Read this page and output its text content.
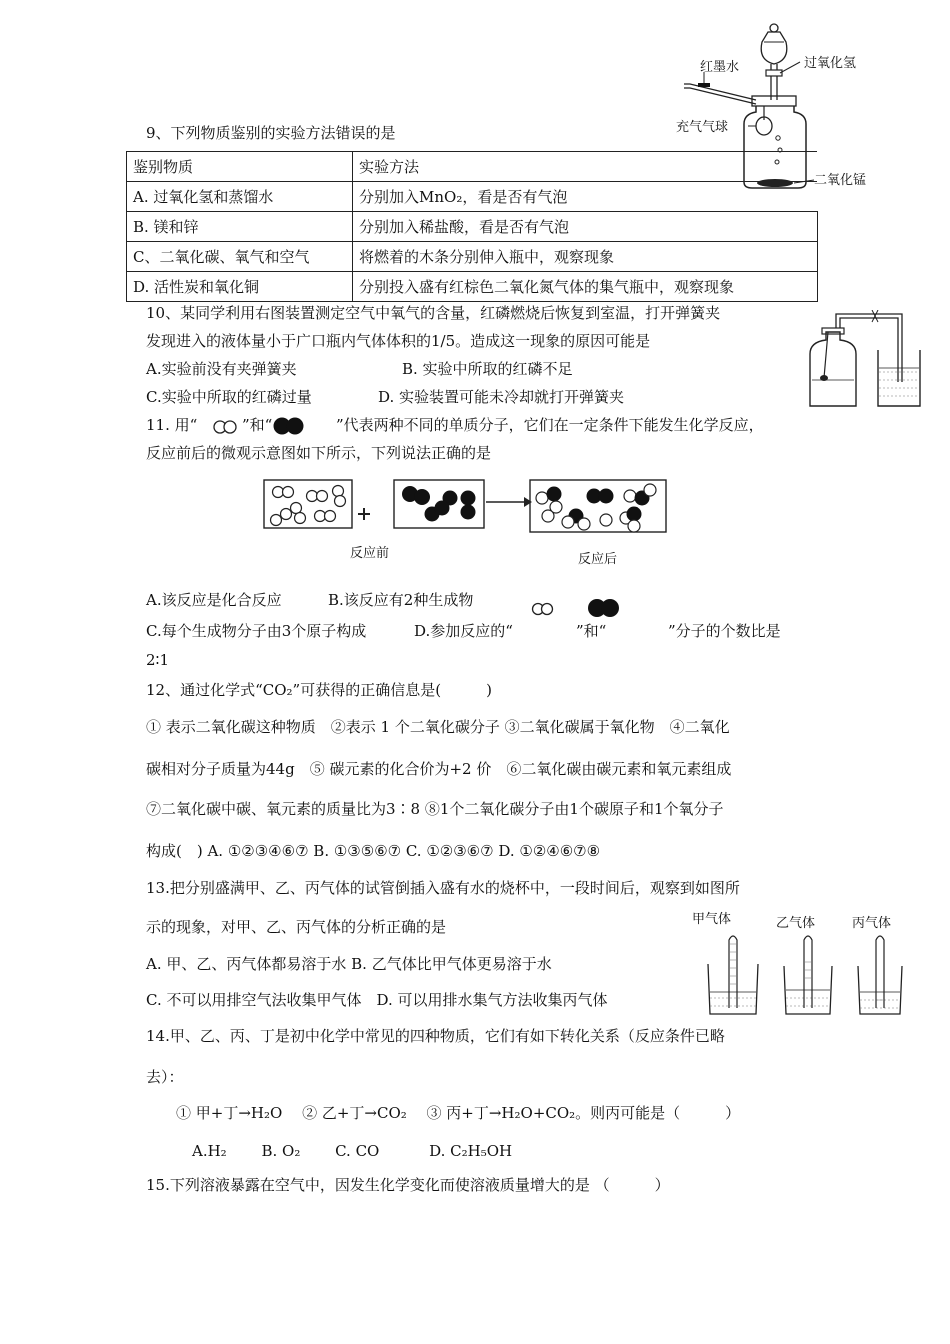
红墨水	过氧化氢
充气气球
二氧化锰
9、下列物质鉴别的实验方法错误的是
鉴别物质	实验方法
A. 过氧化氢和蒸馏水	分别加入MnO₂，看是否有气泡
B. 镁和锌	分别加入稀盐酸，看是否有气泡
C、二氧化碳、氧气和空气	将燃着的木条分别伸入瓶中，观察现象
D. 活性炭和氧化铜	分别投入盛有红棕色二氧化氮气体的集气瓶中，观察现象
10、某同学利用右图装置测定空气中氧气的含量，红磷燃烧后恢复到室温，打开弹簧夹
发现进入的液体量小于广口瓶内气体体积的1/5。造成这一现象的原因可能是
A.实验前没有夹弹簧夹	B. 实验中所取的红磷不足
C.实验中所取的红磷过量	D. 实验装置可能未冷却就打开弹簧夹
11. 用“	”和“	”代表两种不同的单质分子，它们在一定条件下能发生化学反应，
反应前后的微观示意图如下所示，下列说法正确的是
反应前	反应后
A.该反应是化合反应	B.该反应有2种生成物
C.每个生成物分子由3个原子构成	D.参加反应的“	”和“	”分子的个数比是
2∶1
12、通过化学式“CO₂”可获得的正确信息是(　　　)
① 表示二氧化碳这种物质　②表示 1 个二氧化碳分子 ③二氧化碳属于氧化物　④二氧化
碳相对分子质量为44g　⑤ 碳元素的化合价为+2 价　⑥二氧化碳由碳元素和氧元素组成
⑦二氧化碳中碳、氧元素的质量比为3∶8 ⑧1个二氧化碳分子由1个碳原子和1个氧分子
构成(　) A. ①②③④⑥⑦ B. ①③⑤⑥⑦ C. ①②③⑥⑦ D. ①②④⑥⑦⑧
13.把分别盛满甲、乙、丙气体的试管倒插入盛有水的烧杯中，一段时间后，观察到如图所
示的现象，对甲、乙、丙气体的分析正确的是
A. 甲、乙、丙气体都易溶于水 B. 乙气体比甲气体更易溶于水
C. 不可以用排空气法收集甲气体　D. 可以用排水集气方法收集丙气体
甲气体	乙气体	丙气体
14.甲、乙、丙、丁是初中化学中常见的四种物质，它们有如下转化关系（反应条件已略
去）：
① 甲+丁→H₂O　 ② 乙+丁→CO₂　 ③ 丙+丁→H₂O+CO₂。则丙可能是（　　　）
A.H₂　　 B. O₂　　 C. CO　　　 D. C₂H₅OH
15.下列溶液暴露在空气中，因发生化学变化而使溶液质量增大的是 （　　　）
